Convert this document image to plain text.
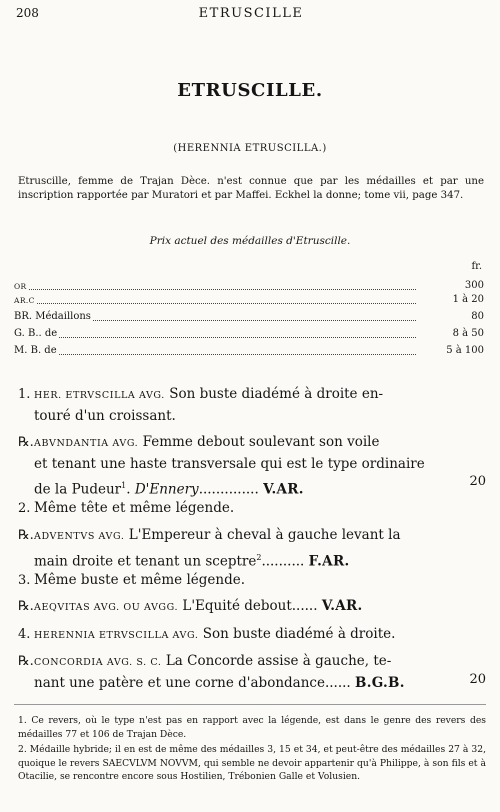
208	ETRUSCILLE
ETRUSCILLE.
(HERENNIA ETRUSCILLA.)
Etruscille, femme de Trajan Dèce. n'est connue que par les médailles et par une inscription rapportée par Muratori et par Maffei. Eckhel la donne; tome vii, page 347.
Prix actuel des médailles d'Etruscille.
fr.
OR	300
AR.C	1 à 20
BR. Médaillons	80
G. B.. de	8 à 50
M. B. de	5 à 100
1. HER. ETRVSCILLA AVG. Son buste diadémé à droite en-
touré d'un croissant.
℞. ABVNDANTIA AVG. Femme debout soulevant son voile
et tenant une haste transversale qui est le type ordinaire
de la Pudeur$^1$. D'Ennery.............. V.AR.	20
2. Même tête et même légende.
℞. ADVENTVS AVG. L'Empereur à cheval à gauche levant la
main droite et tenant un sceptre$^2$.......... F.AR.
3. Même buste et même légende.
℞. AEQVITAS AVG. OU AVGG. L'Equité debout...... V.AR.
4. HERENNIA ETRVSCILLA AVG. Son buste diadémé à droite.
℞. CONCORDIA AVG. S. C. La Concorde assise à gauche, te-
nant une patère et une corne d'abondance...... B.G.B.	20

1. Ce revers, où le type n'est pas en rapport avec la légende, est dans le genre des revers des médailles 77 et 106 de Trajan Dèce.

2. Médaille hybride; il en est de même des médailles 3, 15 et 34, et peut-être des médailles 27 à 32, quoique le revers SAECVLVM NOVVM, qui semble ne devoir appartenir qu'à Philippe, à son fils et à Otacilie, se rencontre encore sous Hostilien, Trébonien Galle et Volusien.
